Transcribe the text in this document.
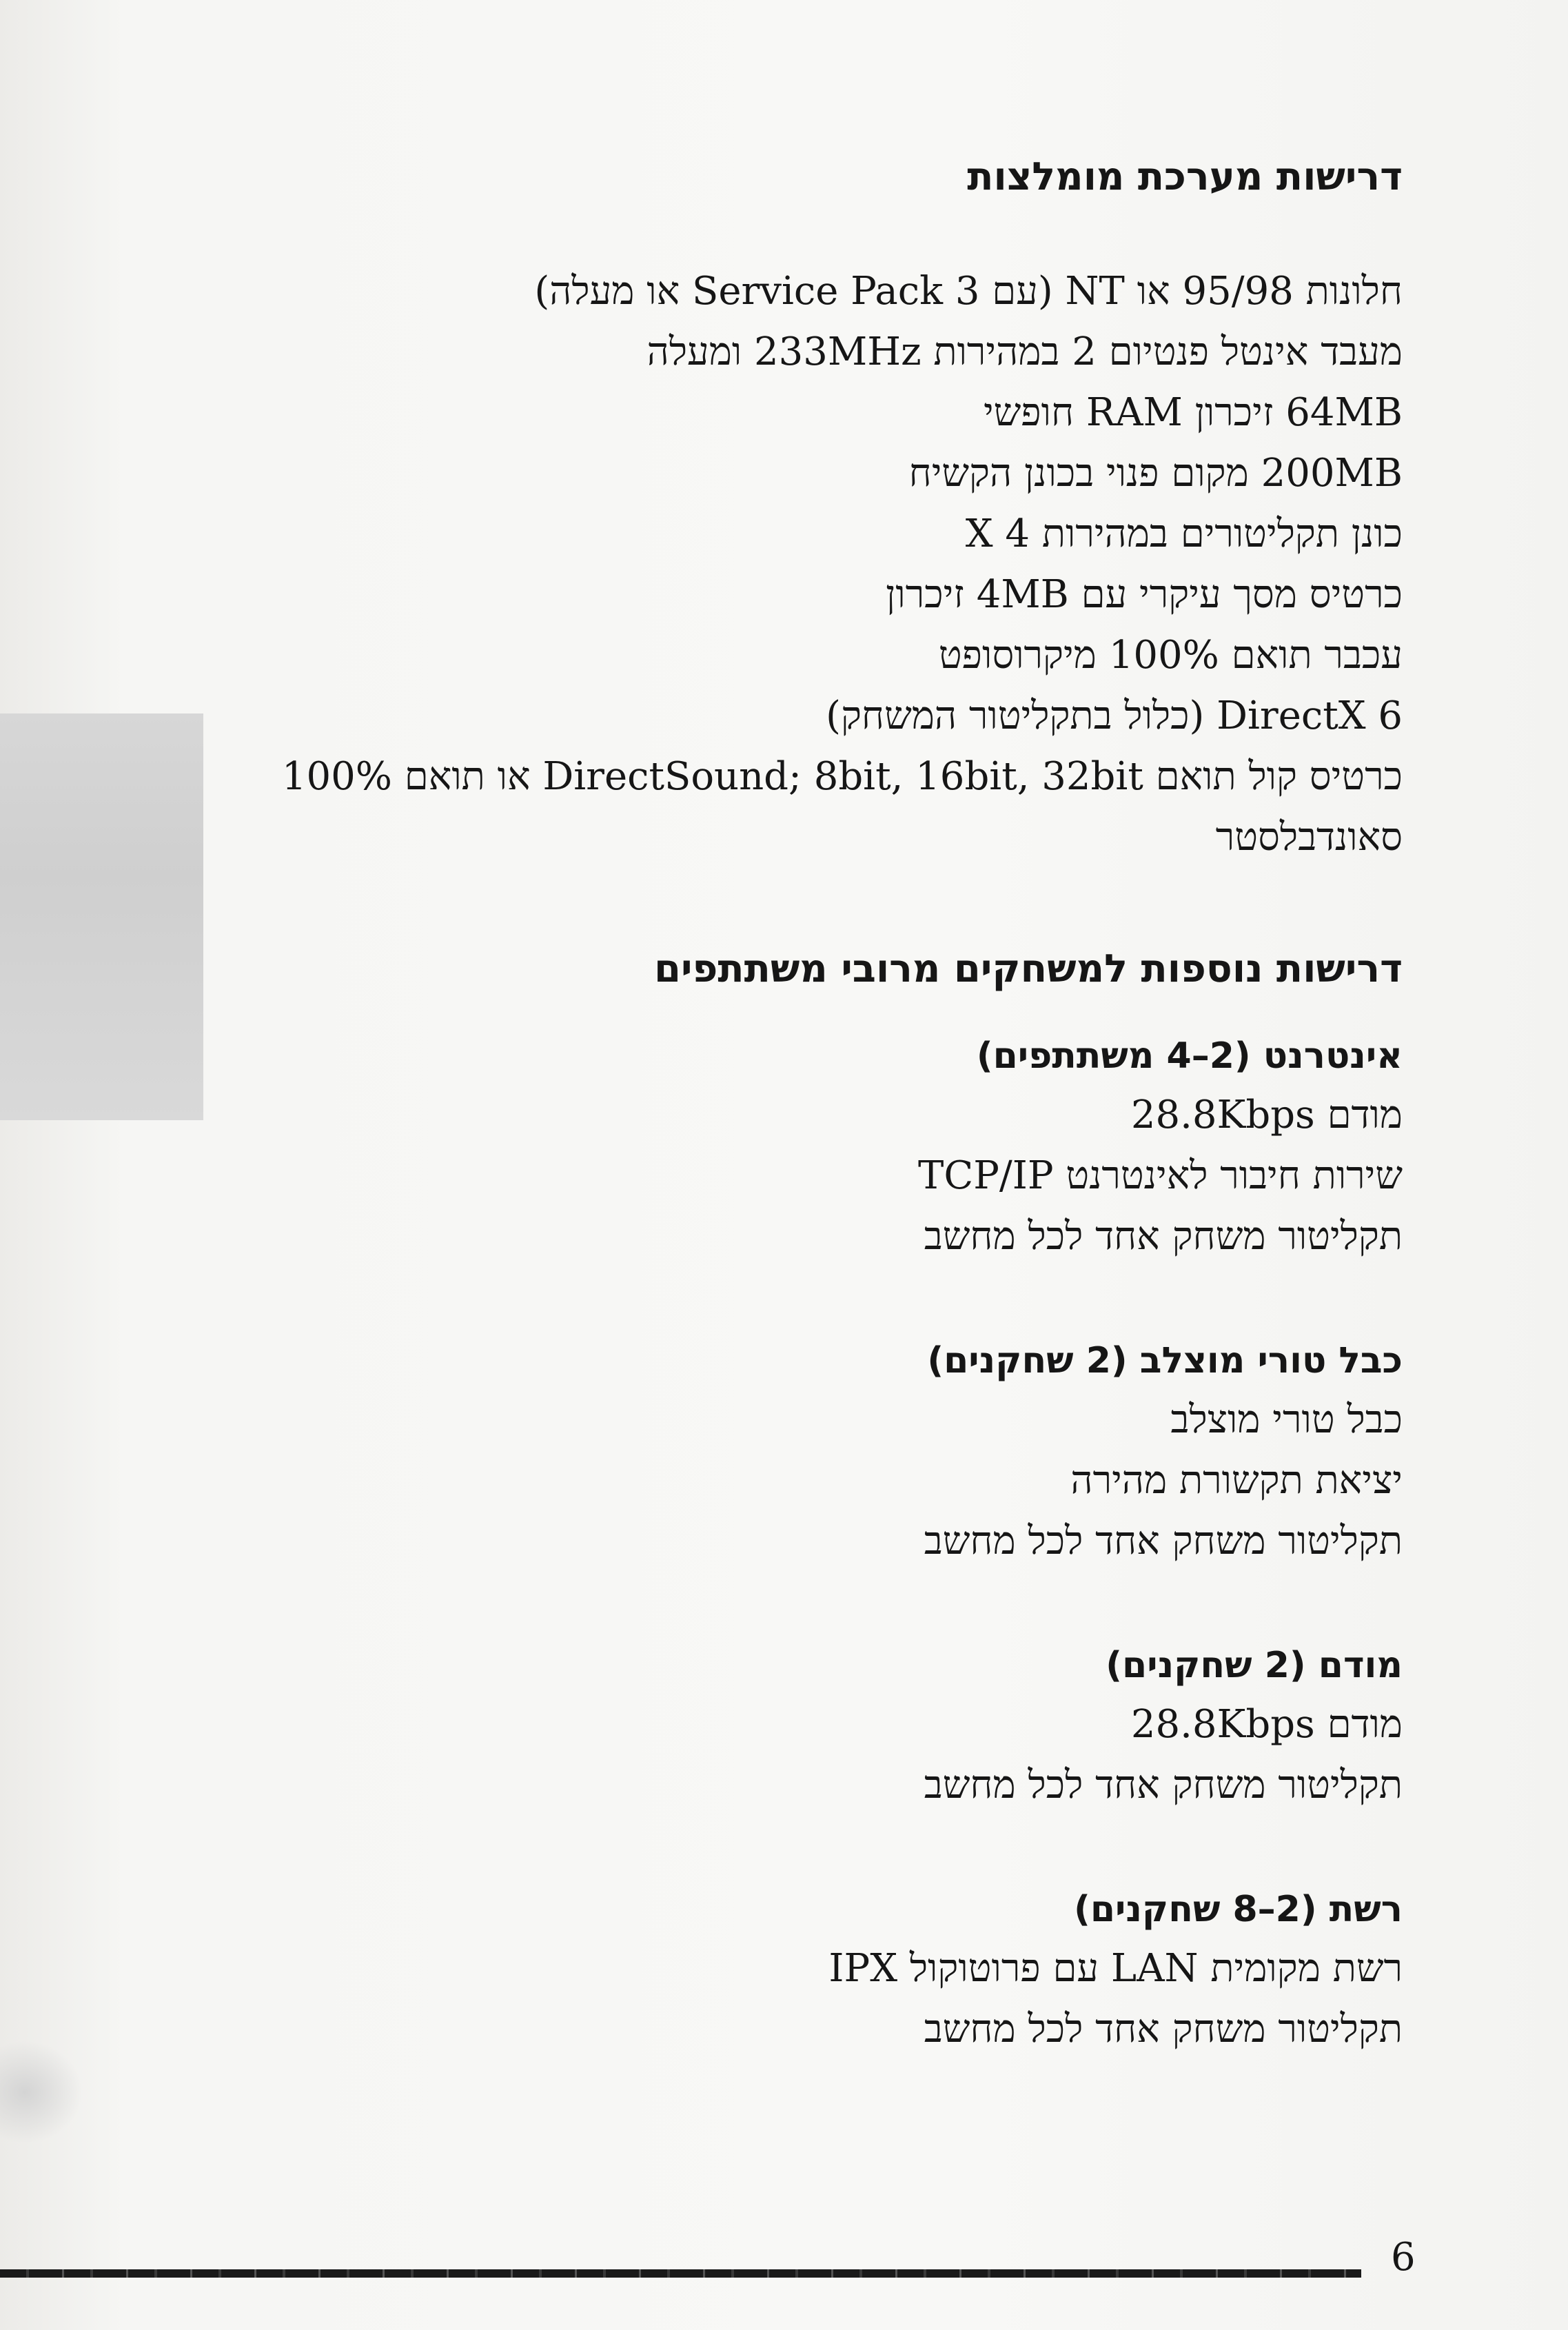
דרישות מערכת מומלצות
חלונות 95/98 או NT (עם Service Pack 3 או מעלה)
מעבד אינטל פנטיום 2 במהירות 233MHz ומעלה
64MB זיכרון RAM חופשי
200MB מקום פנוי בכונן הקשיח
כונן תקליטורים במהירות 4 X
כרטיס מסך עיקרי עם 4MB זיכרון
עכבר תואם 100% מיקרוסופט
DirectX 6 (כלול בתקליטור המשחק)
כרטיס קול תואם DirectSound; 8bit, 16bit, 32bit או תואם 100%
סאונדבלסטר
דרישות נוספות למשחקים מרובי משתתפים
אינטרנט (2–4 משתתפים)
מודם 28.8Kbps
שירות חיבור לאינטרנט TCP/IP
תקליטור משחק אחד לכל מחשב
כבל טורי מוצלב (2 שחקנים)
כבל טורי מוצלב
יציאת תקשורת מהירה
תקליטור משחק אחד לכל מחשב
מודם (2 שחקנים)
מודם 28.8Kbps
תקליטור משחק אחד לכל מחשב
רשת (2–8 שחקנים)
רשת מקומית LAN עם פרוטוקול IPX
תקליטור משחק אחד לכל מחשב
6
